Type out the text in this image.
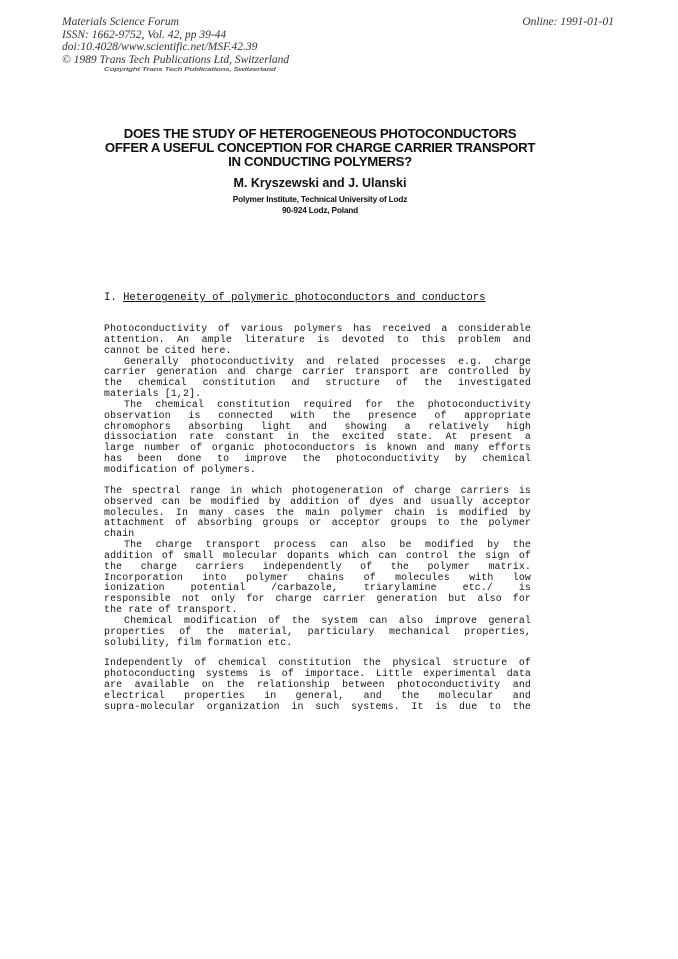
Materials Science Forum
ISSN: 1662-9752, Vol. 42, pp 39-44
doi:10.4028/www.scientific.net/MSF.42.39
© 1989 Trans Tech Publications Ltd, Switzerland
Online: 1991-01-01
Copyright Trans Tech Publications, Switzerland
DOES THE STUDY OF HETEROGENEOUS PHOTOCONDUCTORS
OFFER A USEFUL CONCEPTION FOR CHARGE CARRIER TRANSPORT
IN CONDUCTING POLYMERS?
M. Kryszewski and J. Ulanski
Polymer Institute, Technical University of Lodz
90-924 Lodz, Poland
I. Heterogeneity of polymeric photoconductors and conductors

Photoconductivity of various polymers has received a considerable
attention. An ample literature is devoted to this problem and
cannot be cited here.
Generally photoconductivity and related processes e.g. charge
carrier generation and charge carrier transport are controlled by
the chemical constitution and structure of the investigated
materials [1,2].
The chemical constitution required for the photoconductivity
observation is connected with the presence of appropriate
chromophors absorbing light and showing a relatively high
dissociation rate constant in the excited state. At present a
large number of organic photoconductors is known and many efforts
has been done to improve the photoconductivity by chemical
modification of polymers.

The spectral range in which photogeneration of charge carriers is
observed can be modified by addition of dyes and usually acceptor
molecules. In many cases the main polymer chain is modified by
attachment of absorbing groups or acceptor groups to the polymer
chain
The charge transport process can also be modified by the
addition of small molecular dopants which can control the sign of
the charge carriers independently of the polymer matrix.
Incorporation into polymer chains of molecules with low
ionization potential /carbazole, triarylamine etc./ is
responsible not only for charge carrier generation but also for
the rate of transport.
Chemical modification of the system can also improve general
properties of the material, particulary mechanical properties,
solubility, film formation etc.

Independently of chemical constitution the physical structure of
photoconducting systems is of importace. Little experimental data
are available on the relationship between photoconductivity and
electrical properties in general, and the molecular and
supra-molecular organization in such systems. It is due to the
